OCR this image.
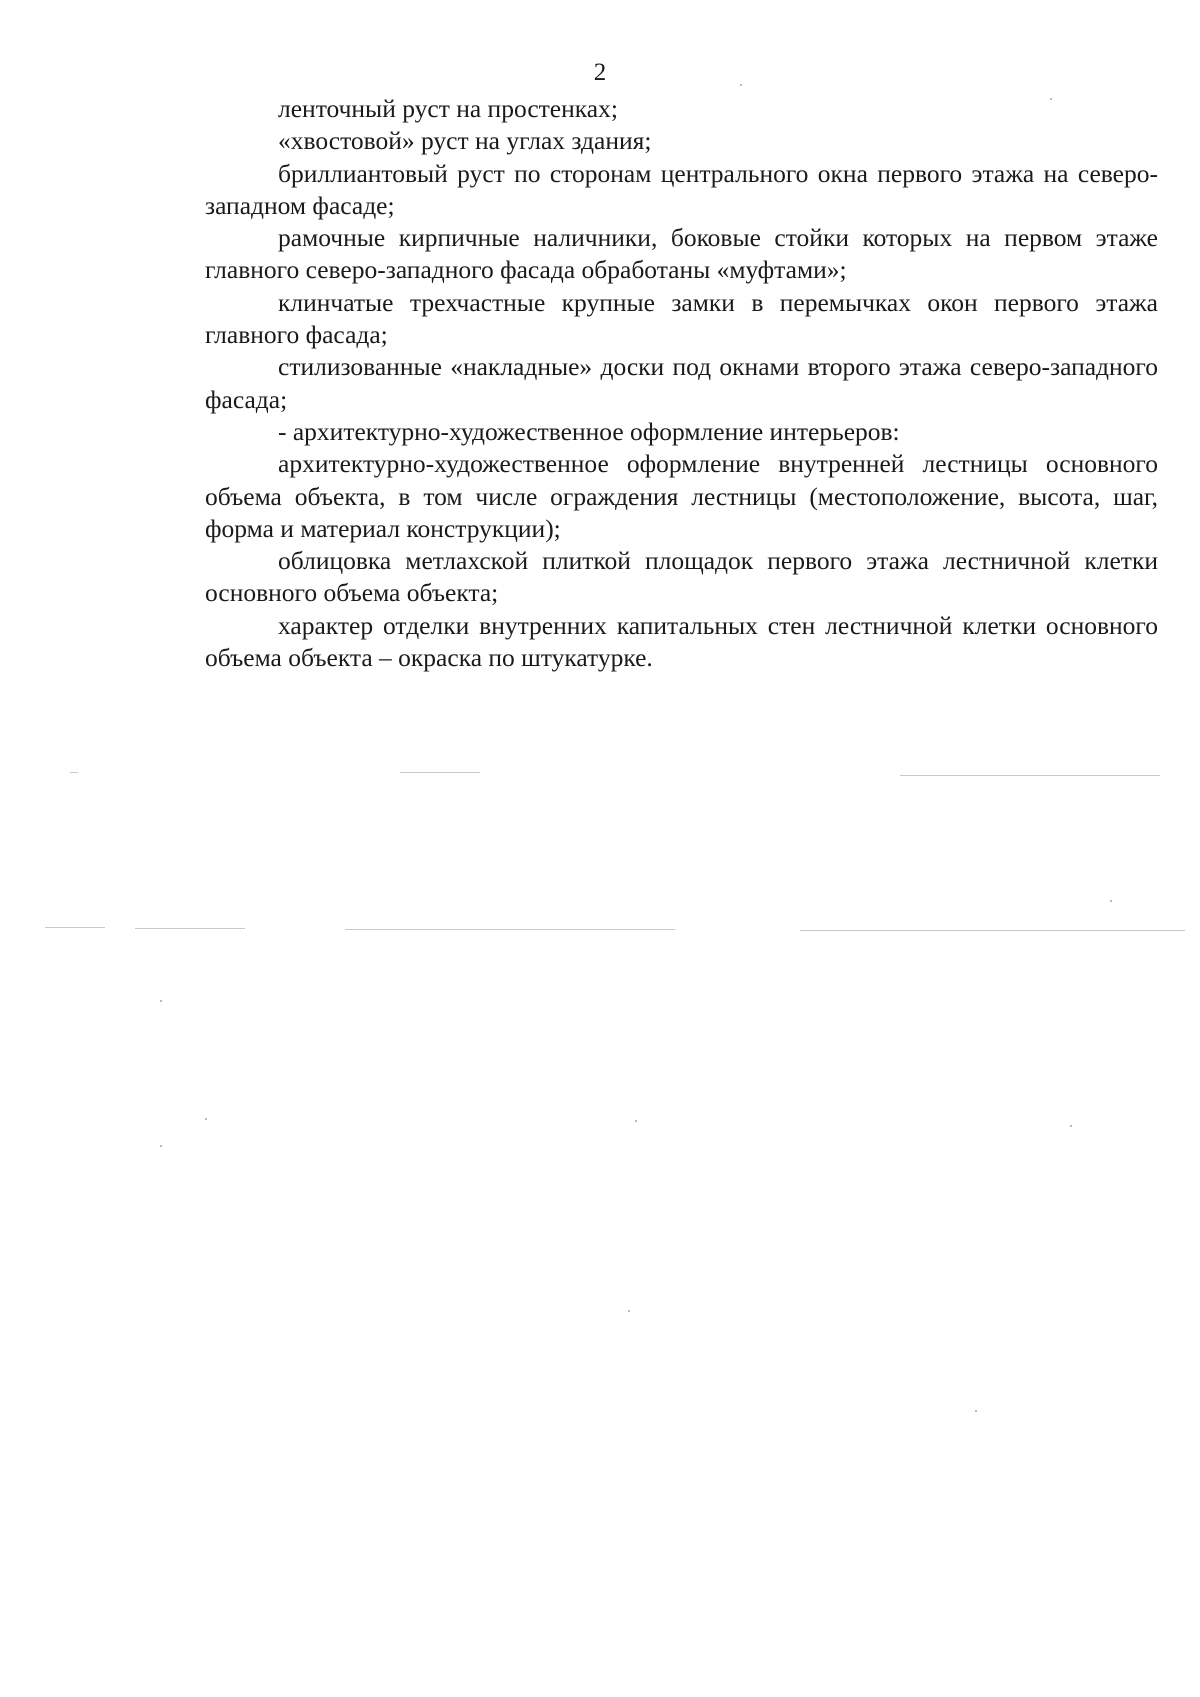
2

ленточный руст на простенках;

«хвостовой» руст на углах здания;

бриллиантовый руст по сторонам центрального окна первого этажа на северо-западном фасаде;

рамочные кирпичные наличники, боковые стойки которых на первом этаже главного северо-западного фасада обработаны «муфтами»;

клинчатые трехчастные крупные замки в перемычках окон первого этажа главного фасада;

стилизованные «накладные» доски под окнами второго этажа северо-западного фасада;

- архитектурно-художественное оформление интерьеров:

архитектурно-художественное оформление внутренней лестницы основного объема объекта, в том числе ограждения лестницы (местоположение, высота, шаг, форма и материал конструкции);

облицовка метлахской плиткой площадок первого этажа лестничной клетки основного объема объекта;

характер отделки внутренних капитальных стен лестничной клетки основного объема объекта – окраска по штукатурке.
